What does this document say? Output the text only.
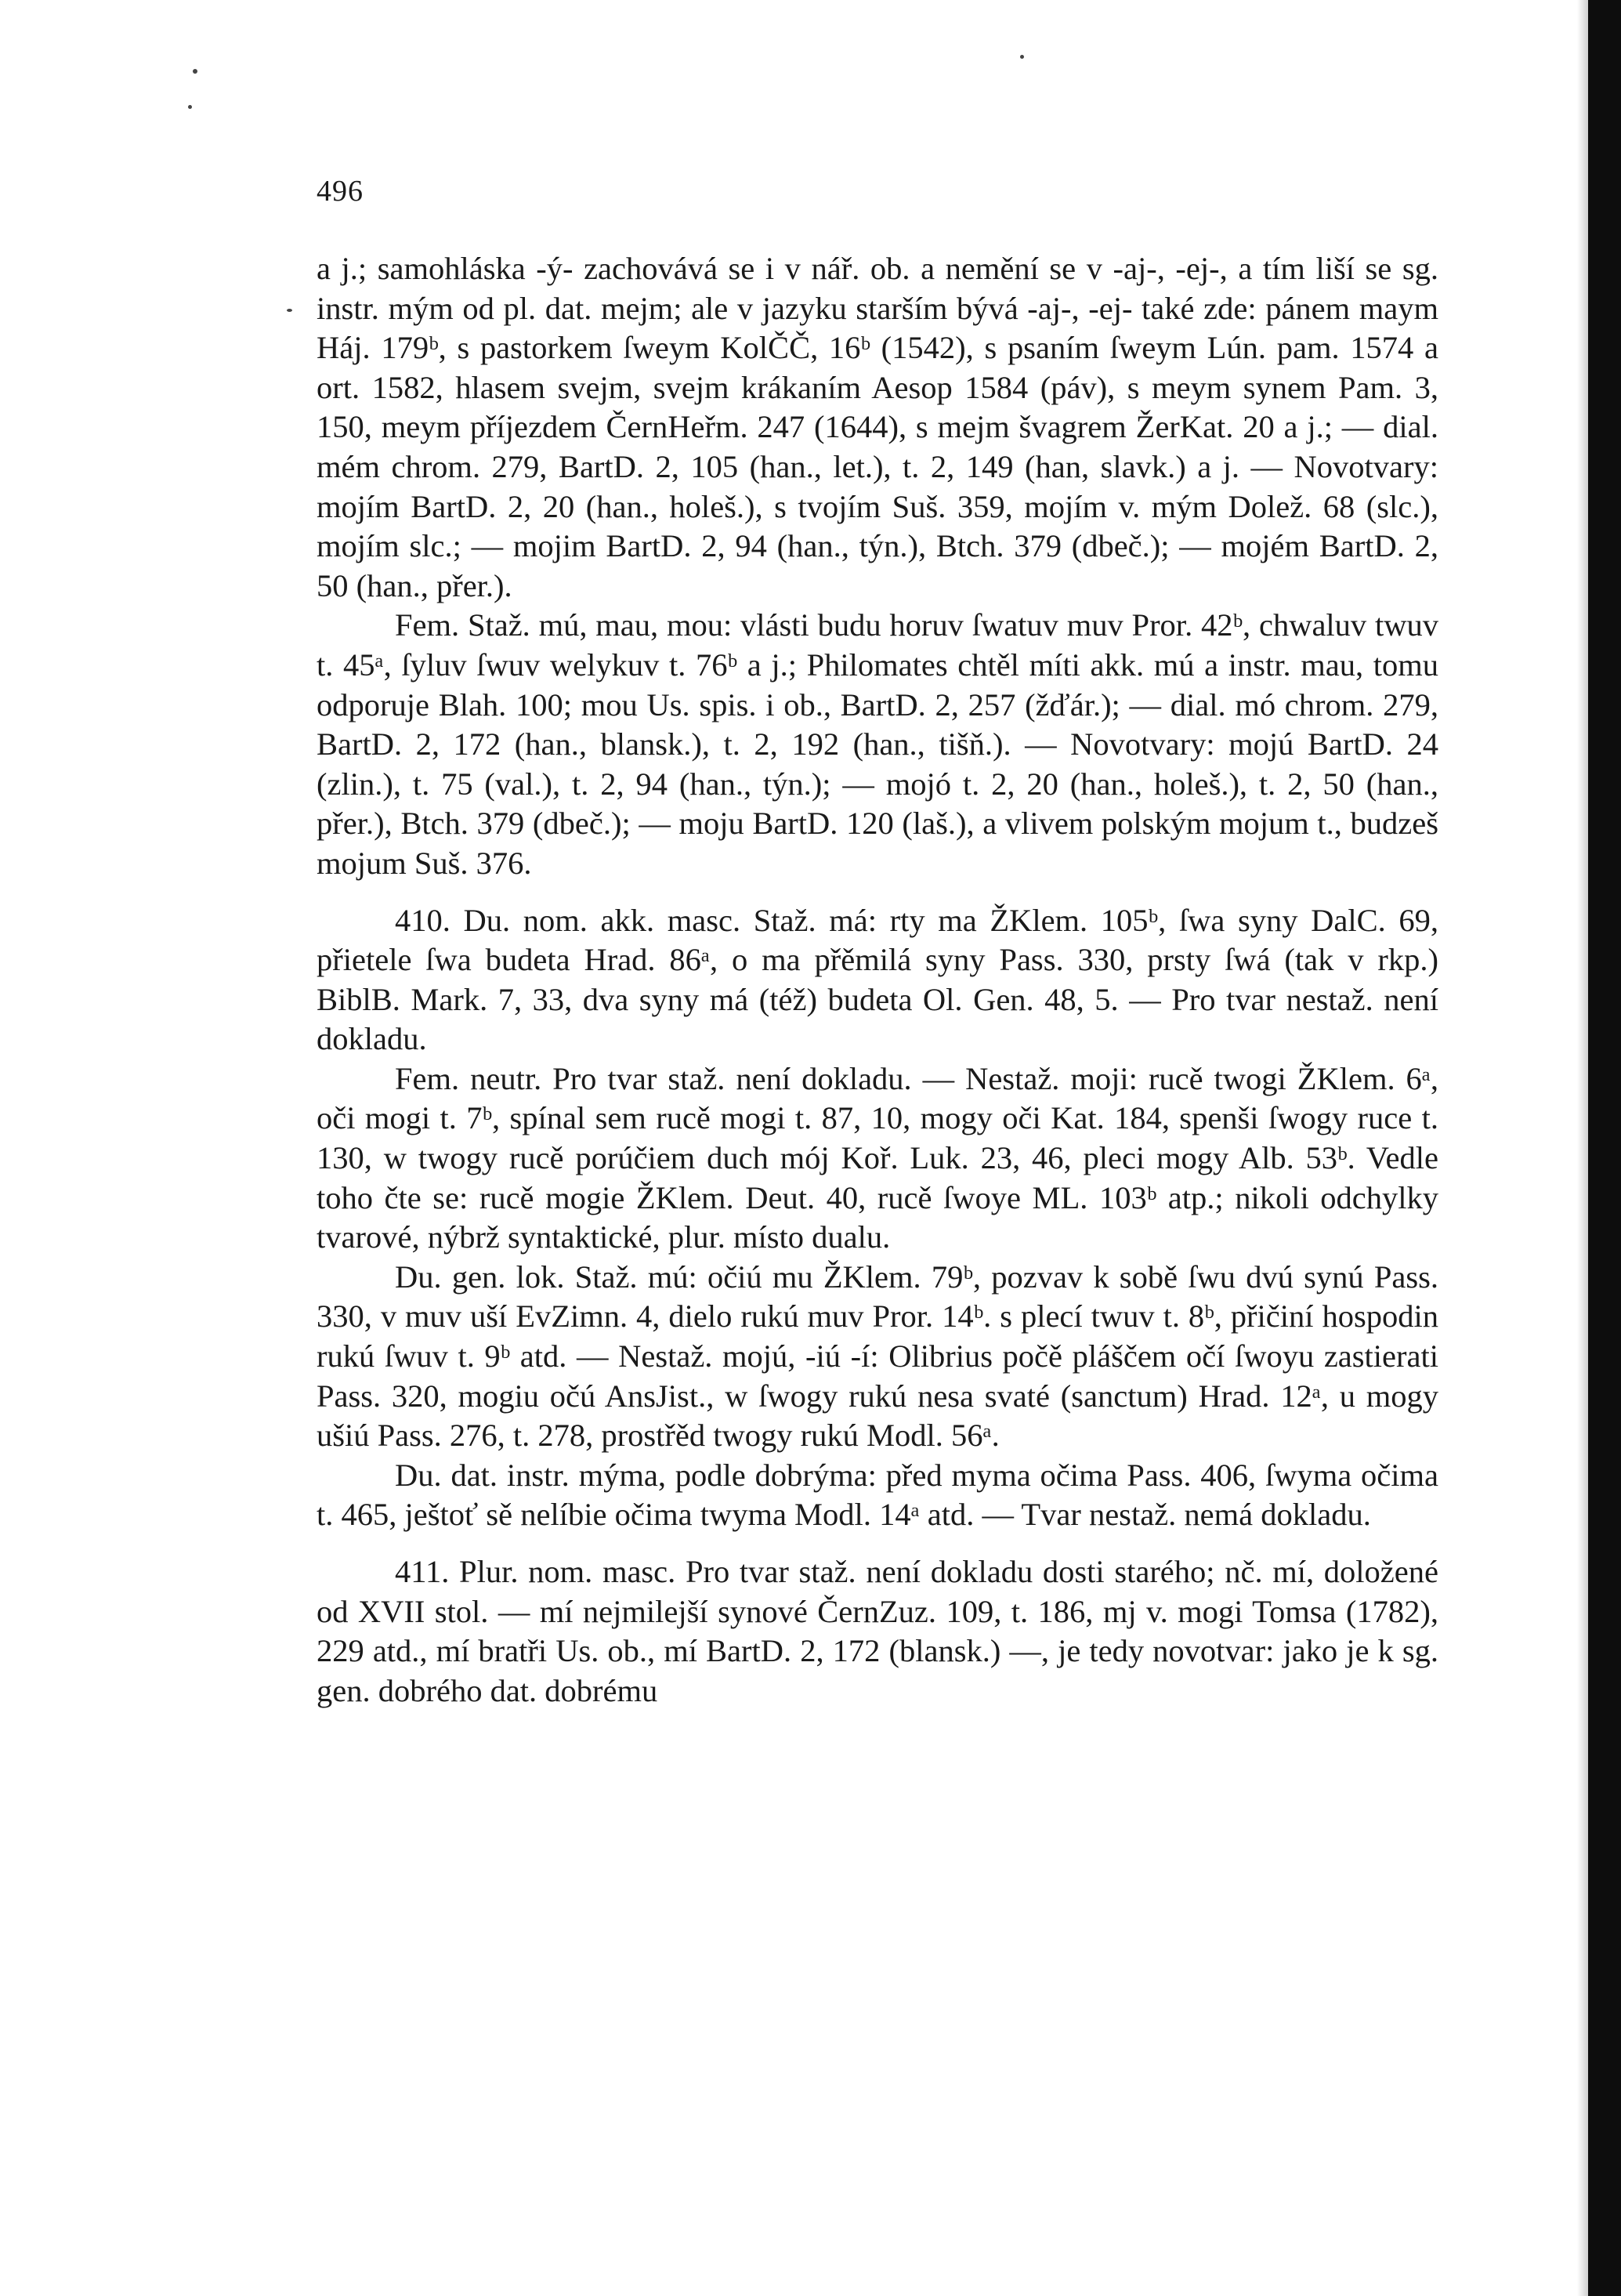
496

a j.; samohláska -ý- zachovává se i v nář. ob. a nemění se v -aj-, -ej-, a tím liší se sg. instr. mým od pl. dat. mejm; ale v jazyku starším bývá -aj-, -ej- také zde: pánem maym Háj. 179ᵇ, s pastorkem ſweym KolČČ, 16ᵇ (1542), s psaním ſweym Lún. pam. 1574 a ort. 1582, hlasem svejm, svejm krákaním Aesop 1584 (páv), s meym synem Pam. 3, 150, meym příjezdem ČernHeřm. 247 (1644), s mejm švagrem ŽerKat. 20 a j.; — dial. mém chrom. 279, BartD. 2, 105 (han., let.), t. 2, 149 (han, slavk.) a j. — Novotvary: mojím BartD. 2, 20 (han., holeš.), s tvojím Suš. 359, mojím v. mým Dolež. 68 (slc.), mojím slc.; — mojim BartD. 2, 94 (han., týn.), Btch. 379 (dbeč.); — mojém BartD. 2, 50 (han., přer.).

Fem. Staž. mú, mau, mou: vlásti budu horuv ſwatuv muv Pror. 42ᵇ, chwaluv twuv t. 45ᵃ, ſyluv ſwuv welykuv t. 76ᵇ a j.; Philomates chtěl míti akk. mú a instr. mau, tomu odporuje Blah. 100; mou Us. spis. i ob., BartD. 2, 257 (žďár.); — dial. mó chrom. 279, BartD. 2, 172 (han., blansk.), t. 2, 192 (han., tišň.). — Novotvary: mojú BartD. 24 (zlin.), t. 75 (val.), t. 2, 94 (han., týn.); — mojó t. 2, 20 (han., holeš.), t. 2, 50 (han., přer.), Btch. 379 (dbeč.); — moju BartD. 120 (laš.), a vlivem polským mojum t., budzeš mojum Suš. 376.

410. Du. nom. akk. masc. Staž. má: rty ma ŽKlem. 105ᵇ, ſwa syny DalC. 69, přietele ſwa budeta Hrad. 86ᵃ, o ma přěmilá syny Pass. 330, prsty ſwá (tak v rkp.) BiblB. Mark. 7, 33, dva syny má (též) budeta Ol. Gen. 48, 5. — Pro tvar nestaž. není dokladu.

Fem. neutr. Pro tvar staž. není dokladu. — Nestaž. moji: rucě twogi ŽKlem. 6ᵃ, oči mogi t. 7ᵇ, spínal sem rucě mogi t. 87, 10, mogy oči Kat. 184, spenši ſwogy ruce t. 130, w twogy rucě porúčiem duch mój Koř. Luk. 23, 46, pleci mogy Alb. 53ᵇ. Vedle toho čte se: rucě mogie ŽKlem. Deut. 40, rucě ſwoye ML. 103ᵇ atp.; nikoli odchylky tvarové, nýbrž syntaktické, plur. místo dualu.

Du. gen. lok. Staž. mú: očiú mu ŽKlem. 79ᵇ, pozvav k sobě ſwu dvú synú Pass. 330, v muv uší EvZimn. 4, dielo rukú muv Pror. 14ᵇ. s plecí twuv t. 8ᵇ, přičiní hospodin rukú ſwuv t. 9ᵇ atd. — Nestaž. mojú, -iú -í: Olibrius počě pláščem očí ſwoyu zastierati Pass. 320, mogiu očú AnsJist., w ſwogy rukú nesa svaté (sanctum) Hrad. 12ᵃ, u mogy ušiú Pass. 276, t. 278, prostřěd twogy rukú Modl. 56ᵃ.

Du. dat. instr. mýma, podle dobrýma: před myma očima Pass. 406, ſwyma očima t. 465, ještoť sě nelíbie očima twyma Modl. 14ᵃ atd. — Tvar nestaž. nemá dokladu.

411. Plur. nom. masc. Pro tvar staž. není dokladu dosti starého; nč. mí, doložené od XVII stol. — mí nejmilejší synové ČernZuz. 109, t. 186, mj v. mogi Tomsa (1782), 229 atd., mí bratři Us. ob., mí BartD. 2, 172 (blansk.) —, je tedy novotvar: jako je k sg. gen. dobrého dat. dobrému
